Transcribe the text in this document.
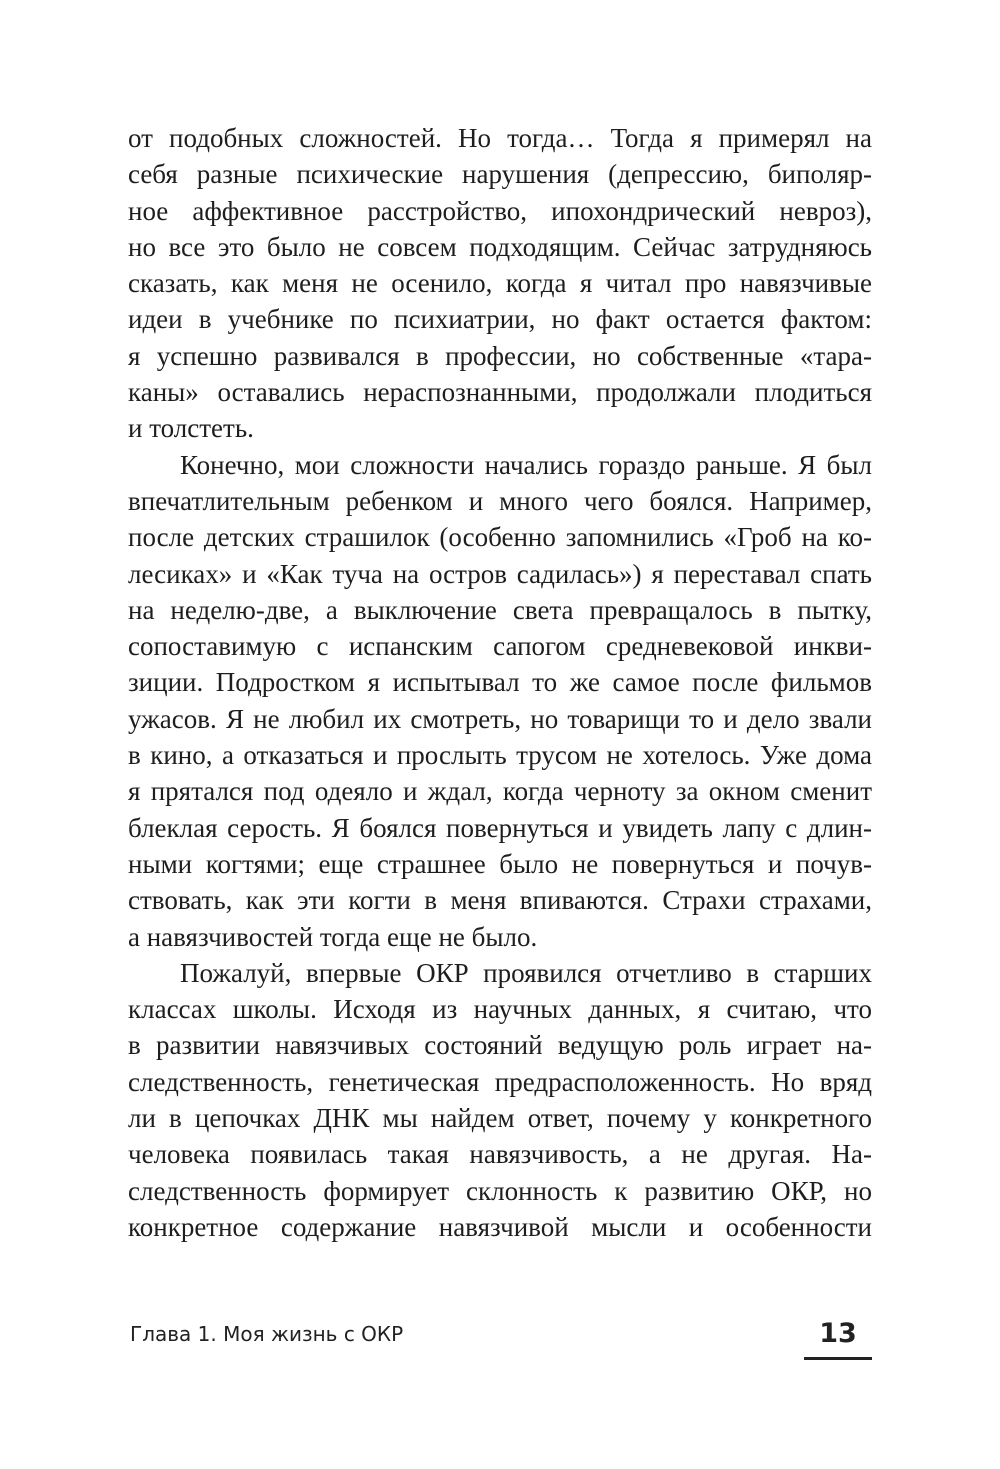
от подобных сложностей. Но тогда… Тогда я примерял на
себя разные психические нарушения (депрессию, биполяр-
ное аффективное расстройство, ипохондрический невроз),
но все это было не совсем подходящим. Сейчас затрудняюсь
сказать, как меня не осенило, когда я читал про навязчивые
идеи в учебнике по психиатрии, но факт остается фактом:
я успешно развивался в профессии, но собственные «тара-
каны» оставались нераспознанными, продолжали плодиться
и толстеть.
Конечно, мои сложности начались гораздо раньше. Я был
впечатлительным ребенком и много чего боялся. Например,
после детских страшилок (особенно запомнились «Гроб на ко-
лесиках» и «Как туча на остров садилась») я переставал спать
на неделю-две, а выключение света превращалось в пытку,
сопоставимую с испанским сапогом средневековой инкви-
зиции. Подростком я испытывал то же самое после фильмов
ужасов. Я не любил их смотреть, но товарищи то и дело звали
в кино, а отказаться и прослыть трусом не хотелось. Уже дома
я прятался под одеяло и ждал, когда черноту за окном сменит
блеклая серость. Я боялся повернуться и увидеть лапу с длин-
ными когтями; еще страшнее было не повернуться и почув-
ствовать, как эти когти в меня впиваются. Страхи страхами,
а навязчивостей тогда еще не было.
Пожалуй, впервые ОКР проявился отчетливо в старших
классах школы. Исходя из научных данных, я считаю, что
в развитии навязчивых состояний ведущую роль играет на-
следственность, генетическая предрасположенность. Но вряд
ли в цепочках ДНК мы найдем ответ, почему у конкретного
человека появилась такая навязчивость, а не другая. На-
следственность формирует склонность к развитию ОКР, но
конкретное содержание навязчивой мысли и особенности
Глава 1. Моя жизнь с ОКР	13
